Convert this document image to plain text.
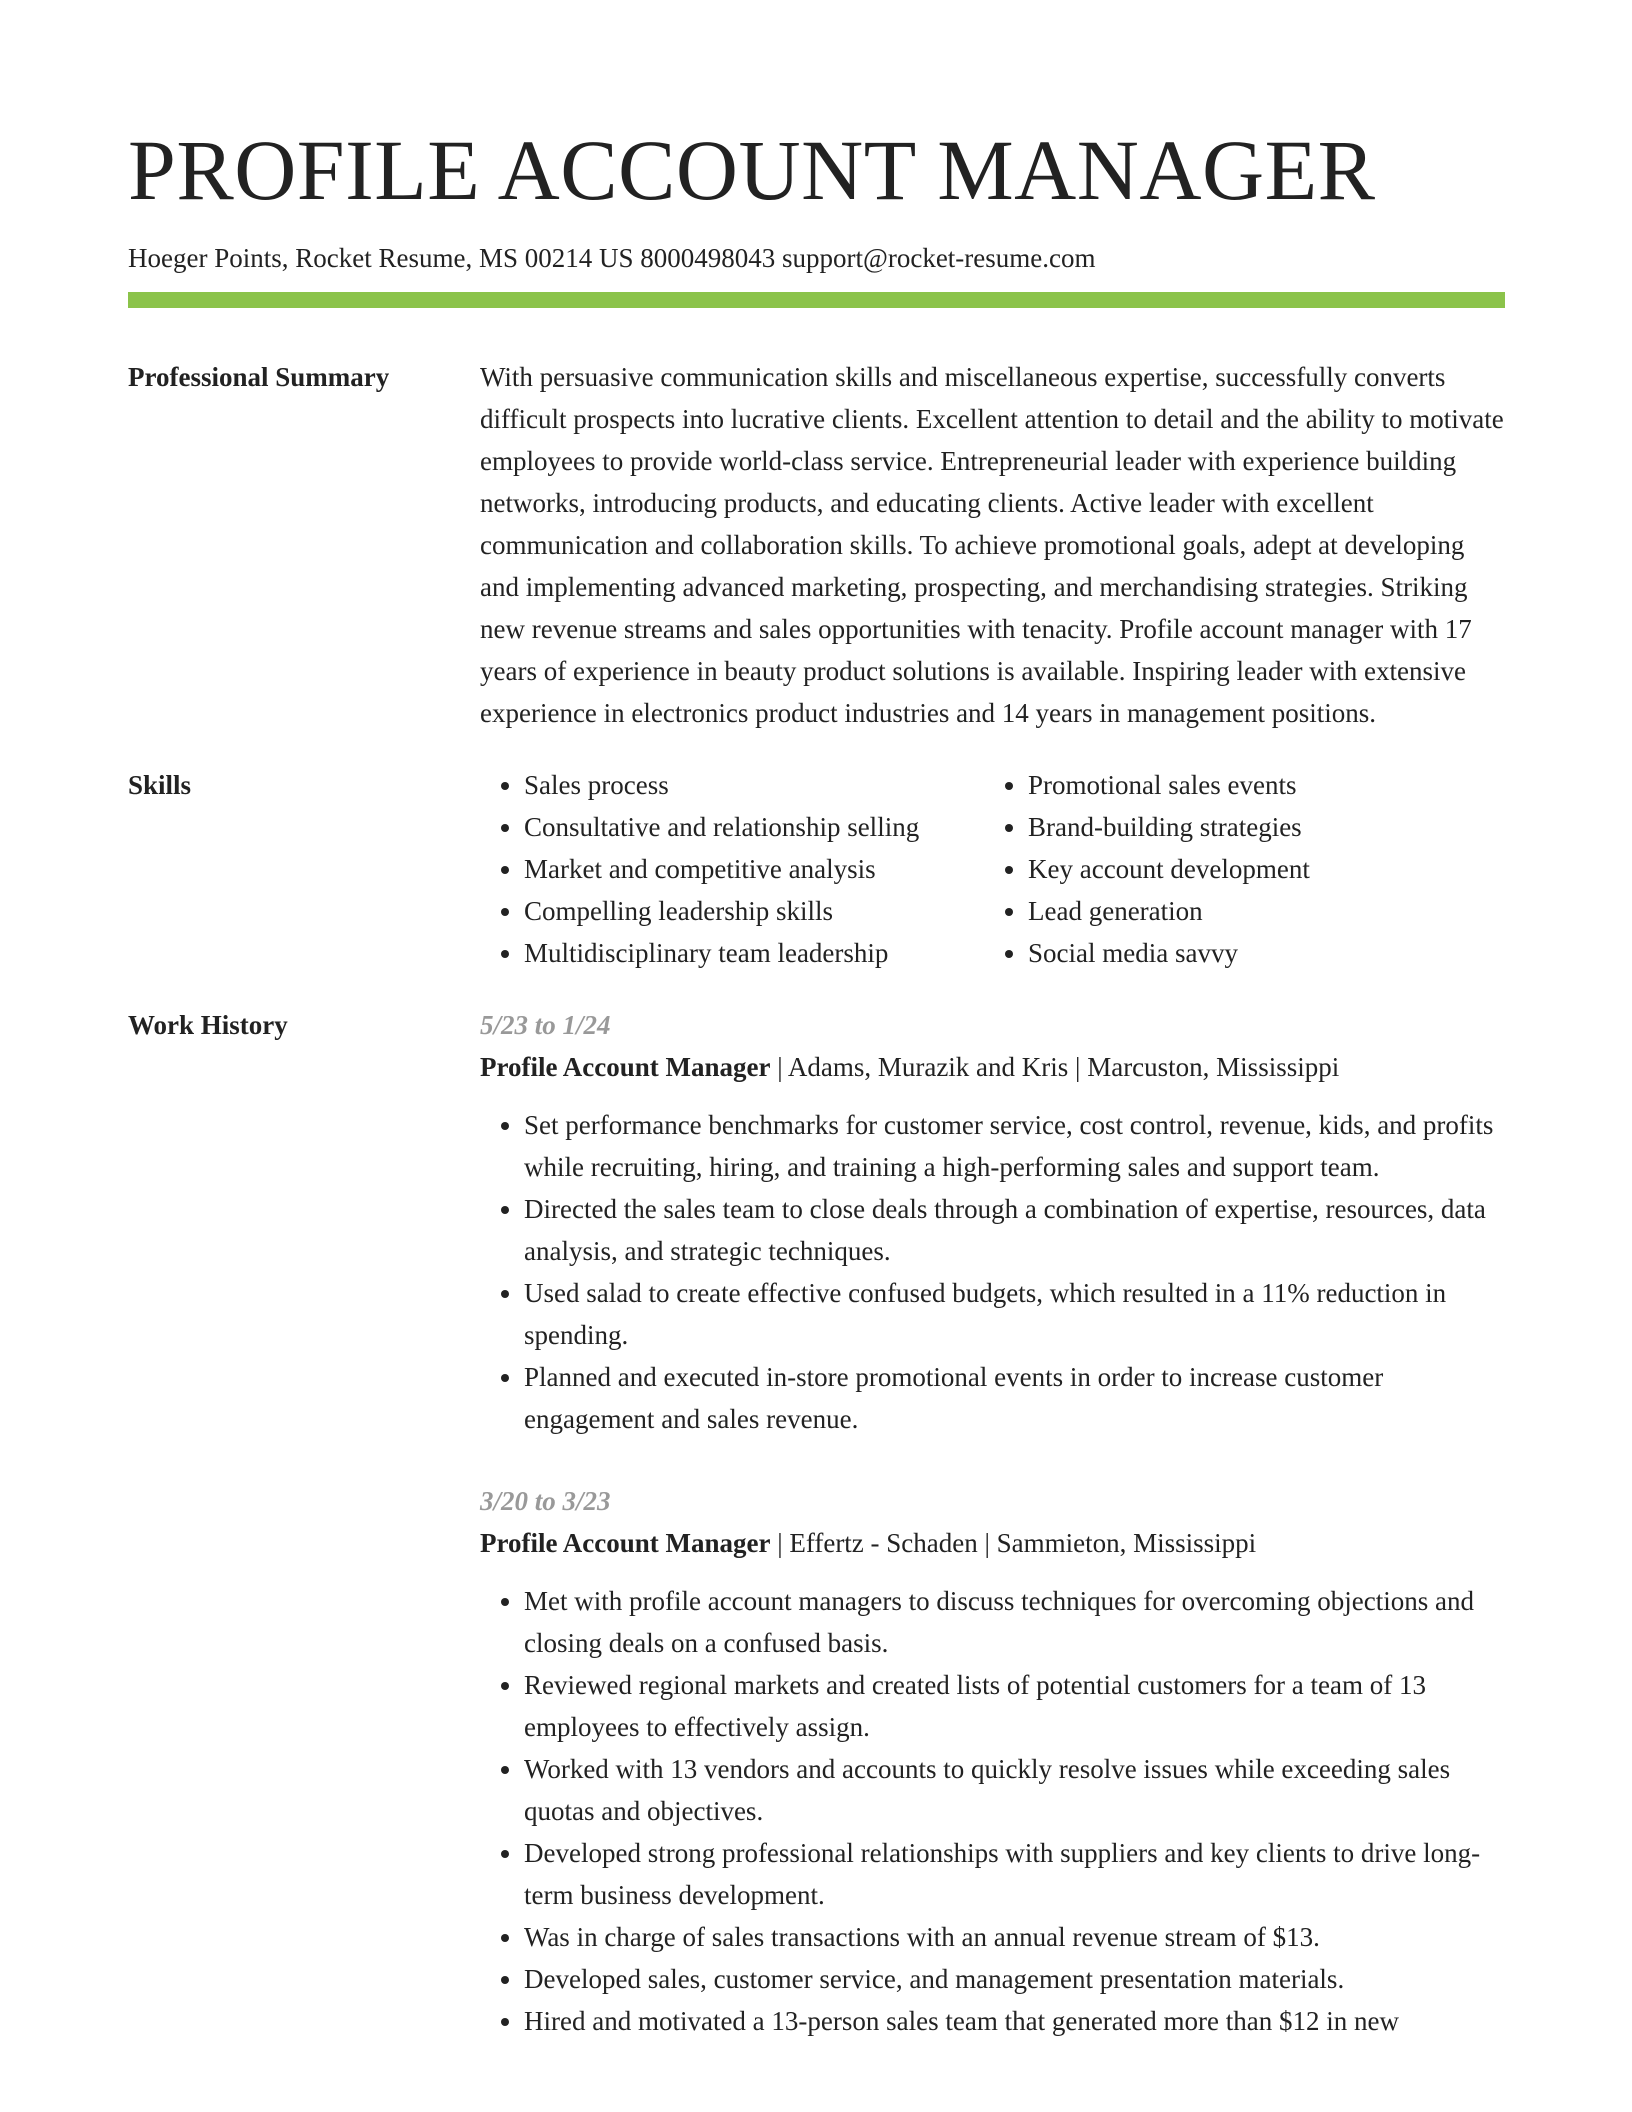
PROFILE ACCOUNT MANAGER
Hoeger Points, Rocket Resume, MS 00214 US 8000498043 support@rocket-resume.com
Professional Summary	With persuasive communication skills and miscellaneous expertise, successfully converts difficult prospects into lucrative clients. Excellent attention to detail and the ability to motivate employees to provide world-class service. Entrepreneurial leader with experience building networks, introducing products, and educating clients. Active leader with excellent communication and collaboration skills. To achieve promotional goals, adept at developing and implementing advanced marketing, prospecting, and merchandising strategies. Striking new revenue streams and sales opportunities with tenacity. Profile account manager with 17 years of experience in beauty product solutions is available. Inspiring leader with extensive experience in electronics product industries and 14 years in management positions.

Skills
•	Sales process
• Consultative and relationship selling
• Market and competitive analysis
• Compelling leadership skills
• Multidisciplinary team leadership
• Promotional sales events
• Brand-building strategies
• Key account development
• Lead generation
• Social media savvy
Work History	5/23 to 1/24
Profile Account Manager | Adams, Murazik and Kris | Marcuston, Mississippi
• Set performance benchmarks for customer service, cost control, revenue, kids, and profits while recruiting, hiring, and training a high-performing sales and support team.
• Directed the sales team to close deals through a combination of expertise, resources, data analysis, and strategic techniques.
• Used salad to create effective confused budgets, which resulted in a 11% reduction in spending.
• Planned and executed in-store promotional events in order to increase customer engagement and sales revenue.
3/20 to 3/23
Profile Account Manager | Effertz - Schaden | Sammieton, Mississippi
• Met with profile account managers to discuss techniques for overcoming objections and closing deals on a confused basis.
• Reviewed regional markets and created lists of potential customers for a team of 13 employees to effectively assign.
• Worked with 13 vendors and accounts to quickly resolve issues while exceeding sales quotas and objectives.
• Developed strong professional relationships with suppliers and key clients to drive long-term business development.
• Was in charge of sales transactions with an annual revenue stream of $13.
• Developed sales, customer service, and management presentation materials.
• Hired and motivated a 13-person sales team that generated more than $12 in new
